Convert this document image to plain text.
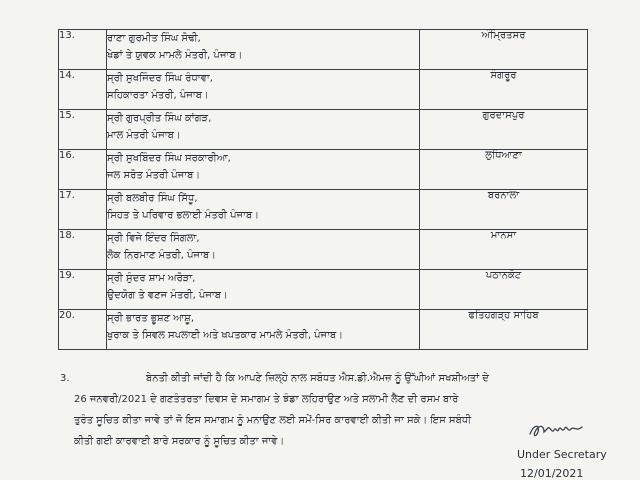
13.	ਰਾਣਾ ਗੁਰਮੀਤ ਸਿੰਘ ਸੋਢੀ,
ਖੇਡਾਂ ਤੇ ਯੁਵਕ ਮਾਮਲੇ ਮੰਤਰੀ, ਪੰਜਾਬ।	ਅੰਮ੍ਰਿਤਸਰ
14.	ਸ੍ਰੀ ਸੁਖਜਿੰਦਰ ਸਿੰਘ ਰੰਧਾਵਾ,
ਸਹਿਕਾਰਤਾ ਮੰਤਰੀ, ਪੰਜਾਬ।	ਸੰਗਰੂਰ
15.	ਸ੍ਰੀ ਗੁਰਪ੍ਰੀਤ ਸਿੰਘ ਕਾਂਗੜ,
ਮਾਲ ਮੰਤਰੀ ਪੰਜਾਬ।	ਗੁਰਦਾਸਪੁਰ
16.	ਸ੍ਰੀ ਸੁਖਬਿੰਦਰ ਸਿੰਘ ਸਰਕਾਰੀਆ,
ਜਲ ਸਰੋਤ ਮੰਤਰੀ ਪੰਜਾਬ।	ਲੁਧਿਆਣਾ
17.	ਸ੍ਰੀ ਬਲਬੀਰ ਸਿੰਘ ਸਿੱਧੂ,
ਸਿਹਤ ਤੇ ਪਰਿਵਾਰ ਭਲਾਈ ਮੰਤਰੀ ਪੰਜਾਬ।	ਬਰਨਾਲਾ
18.	ਸ੍ਰੀ ਵਿਜੇ ਇੰਦਰ ਸਿੰਗਲਾ,
ਲੋਕ ਨਿਰਮਾਣ ਮੰਤਰੀ, ਪੰਜਾਬ।	ਮਾਨਸਾ
19.	ਸ੍ਰੀ ਸੁੰਦਰ ਸ਼ਾਮ ਅਰੋੜਾ,
ਉਦਯੋਗ ਤੇ ਵਣਜ ਮੰਤਰੀ, ਪੰਜਾਬ।	ਪਠਾਨਕੋਟ
20.	ਸ੍ਰੀ ਭਾਰਤ ਭੂਸ਼ਣ ਆਸ਼ੂ,
ਖੁਰਾਕ ਤੇ ਸਿਵਲ ਸਪਲਾਈ ਅਤੇ ਖਪਤਕਾਰ ਮਾਮਲੇ ਮੰਤਰੀ, ਪੰਜਾਬ।	ਫਤਿਹਗੜ੍ਹ ਸਾਹਿਬ
3.	ਬੇਨਤੀ ਕੀਤੀ ਜਾਂਦੀ ਹੈ ਕਿ ਆਪਣੇ ਜ਼ਿਲ੍ਹੇ ਨਾਲ ਸਬੰਧਤ ਐਸ.ਡੀ.ਐਮਜ਼ ਨੂੰ ਉੱਘੀਆਂ ਸਖਸ਼ੀਅਤਾਂ ਦੇ
26 ਜਨਵਰੀ/2021 ਦੇ ਗਣਤੰਤਰਤਾ ਦਿਵਸ ਦੇ ਸਮਾਗਮ ਤੇ ਝੰਡਾ ਲਹਿਰਾਉਣ ਅਤੇ ਸਲਾਮੀ ਲੈਣ ਦੀ ਰਸਮ ਬਾਰੇ
ਤੁਰੰਤ ਸੂਚਿਤ ਕੀਤਾ ਜਾਵੇ ਤਾਂ ਜੋ ਇਸ ਸਮਾਗਮ ਨੂੰ ਮਨਾਉਣ ਲਈ ਸਮੇਂ-ਸਿਰ ਕਾਰਵਾਈ ਕੀਤੀ ਜਾ ਸਕੇ। ਇਸ ਸਬੰਧੀ
ਕੀਤੀ ਗਈ ਕਾਰਵਾਈ ਬਾਰੇ ਸਰਕਾਰ ਨੂੰ ਸੂਚਿਤ ਕੀਤਾ ਜਾਵੇ।
Under Secretary
12/01/2021
